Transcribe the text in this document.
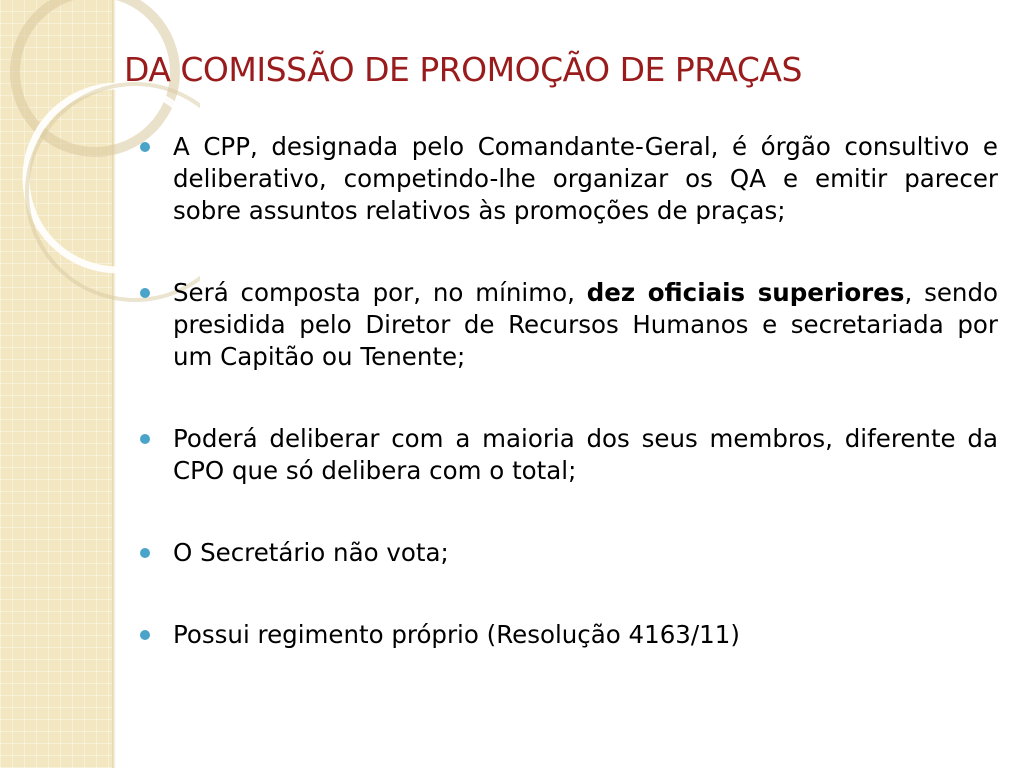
DA COMISSÃO DE PROMOÇÃO DE PRAÇAS
A CPP, designada pelo Comandante-Geral, é órgão consultivo e deliberativo, competindo-lhe organizar os QA e emitir parecer sobre assuntos relativos às promoções de praças;
Será composta por, no mínimo, dez oficiais superiores, sendo presidida pelo Diretor de Recursos Humanos e secretariada por um Capitão ou Tenente;
Poderá deliberar com a maioria dos seus membros, diferente da CPO que só delibera com o total;
O Secretário não vota;
Possui regimento próprio (Resolução 4163/11)
